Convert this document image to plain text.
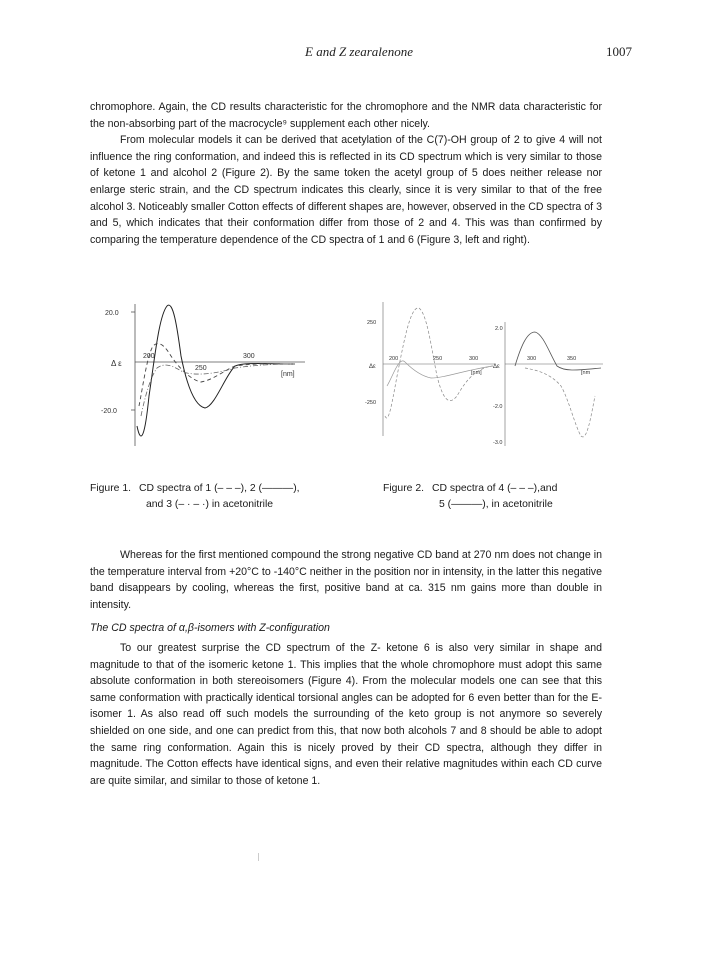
E and Z zearalenone	1007

chromophore. Again, the CD results characteristic for the chromophore and the NMR data characteristic for the non-absorbing part of the macrocycle⁹ supplement each other nicely.

From molecular models it can be derived that acetylation of the C(7)-OH group of 2 to give 4 will not influence the ring conformation, and indeed this is reflected in its CD spectrum which is very similar to those of ketone 1 and alcohol 2 (Figure 2). By the same token the acetyl group of 5 does neither release nor enlarge steric strain, and the CD spectrum indicates this clearly, since it is very similar to that of the free alcohol 3. Noticeably smaller Cotton effects of different shapes are, however, observed in the CD spectra of 3 and 5, which indicates that their conformation differ from those of 2 and 4. This was than confirmed by comparing the temperature dependence of the CD spectra of 1 and 6 (Figure 3, left and right).

20.0
-20.0
Δ ε
200
250
300
[nm]
250
-250
Δε
200	250	300
[nm]
2.0
-2.0
-3.0
Δε
300	350
[nm
Figure 1. CD spectra of 1 (– – –), 2 (———),
and 3 (– · – ·) in acetonitrile
Figure 2. CD spectra of 4 (– – –),and
5 (———), in acetonitrile

Whereas for the first mentioned compound the strong negative CD band at 270 nm does not change in the temperature interval from +20°C to -140°C neither in the position nor in intensity, in the latter this negative band disappears by cooling, whereas the first, positive band at ca. 315 nm gains more than double in intensity.

The CD spectra of α,β-isomers with Z-configuration

To our greatest surprise the CD spectrum of the Z- ketone 6 is also very similar in shape and magnitude to that of the isomeric ketone 1. This implies that the whole chromophore must adopt this same absolute conformation in both stereoisomers (Figure 4). From the molecular models one can see that this same conformation with practically identical torsional angles can be adopted for 6 even better than for the E-isomer 1. As also read off such models the surrounding of the keto group is not anymore so severely shielded on one side, and one can predict from this, that now both alcohols 7 and 8 should be able to adopt the same ring conformation. Again this is nicely proved by their CD spectra, although they differ in magnitude. The Cotton effects have identical signs, and even their relative magnitudes within each CD curve are quite similar, and similar to those of ketone 1.
